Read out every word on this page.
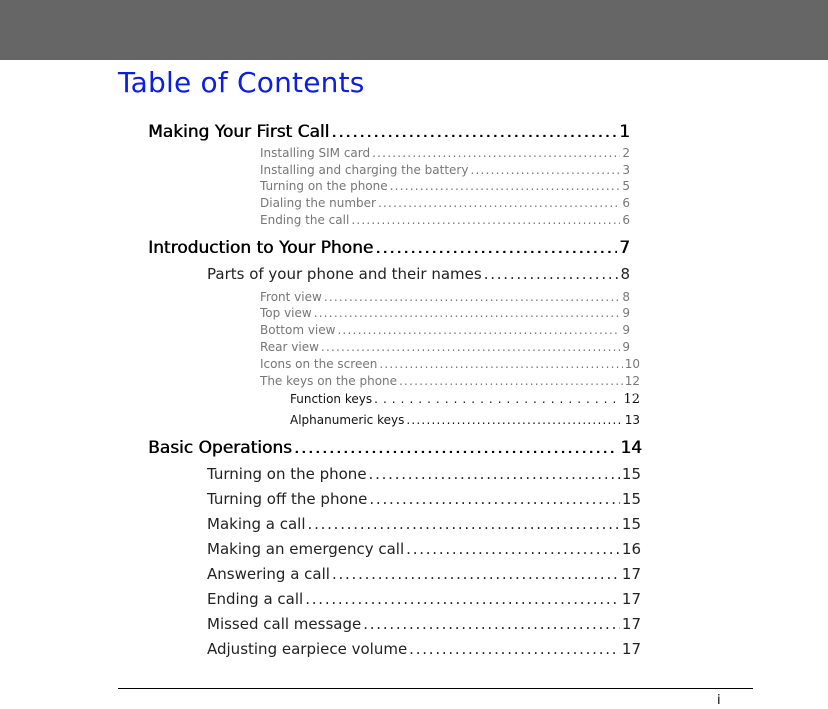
Table of Contents
Making Your First Call . . .	1
Installing SIM card . . .	2
Installing and charging the battery . . .	3
Turning on the phone . . .	5
Dialing the number . . .	6
Ending the call . . .	6
Introduction to Your Phone . . .	7
Parts of your phone and their names . . .	8
Front view . . .	8
Top view . . .	9
Bottom view . . .	9
Rear view . . .	9
Icons on the screen . . .	10
The keys on the phone . . .	12
Function keys . . .	12
Alphanumeric keys . . .	13
Basic Operations . . .	14
Turning on the phone . . .	15
Turning off the phone . . .	15
Making a call . . .	15
Making an emergency call . . .	16
Answering a call . . .	17
Ending a call . . .	17
Missed call message . . .	17
Adjusting earpiece volume . . .	17
i
